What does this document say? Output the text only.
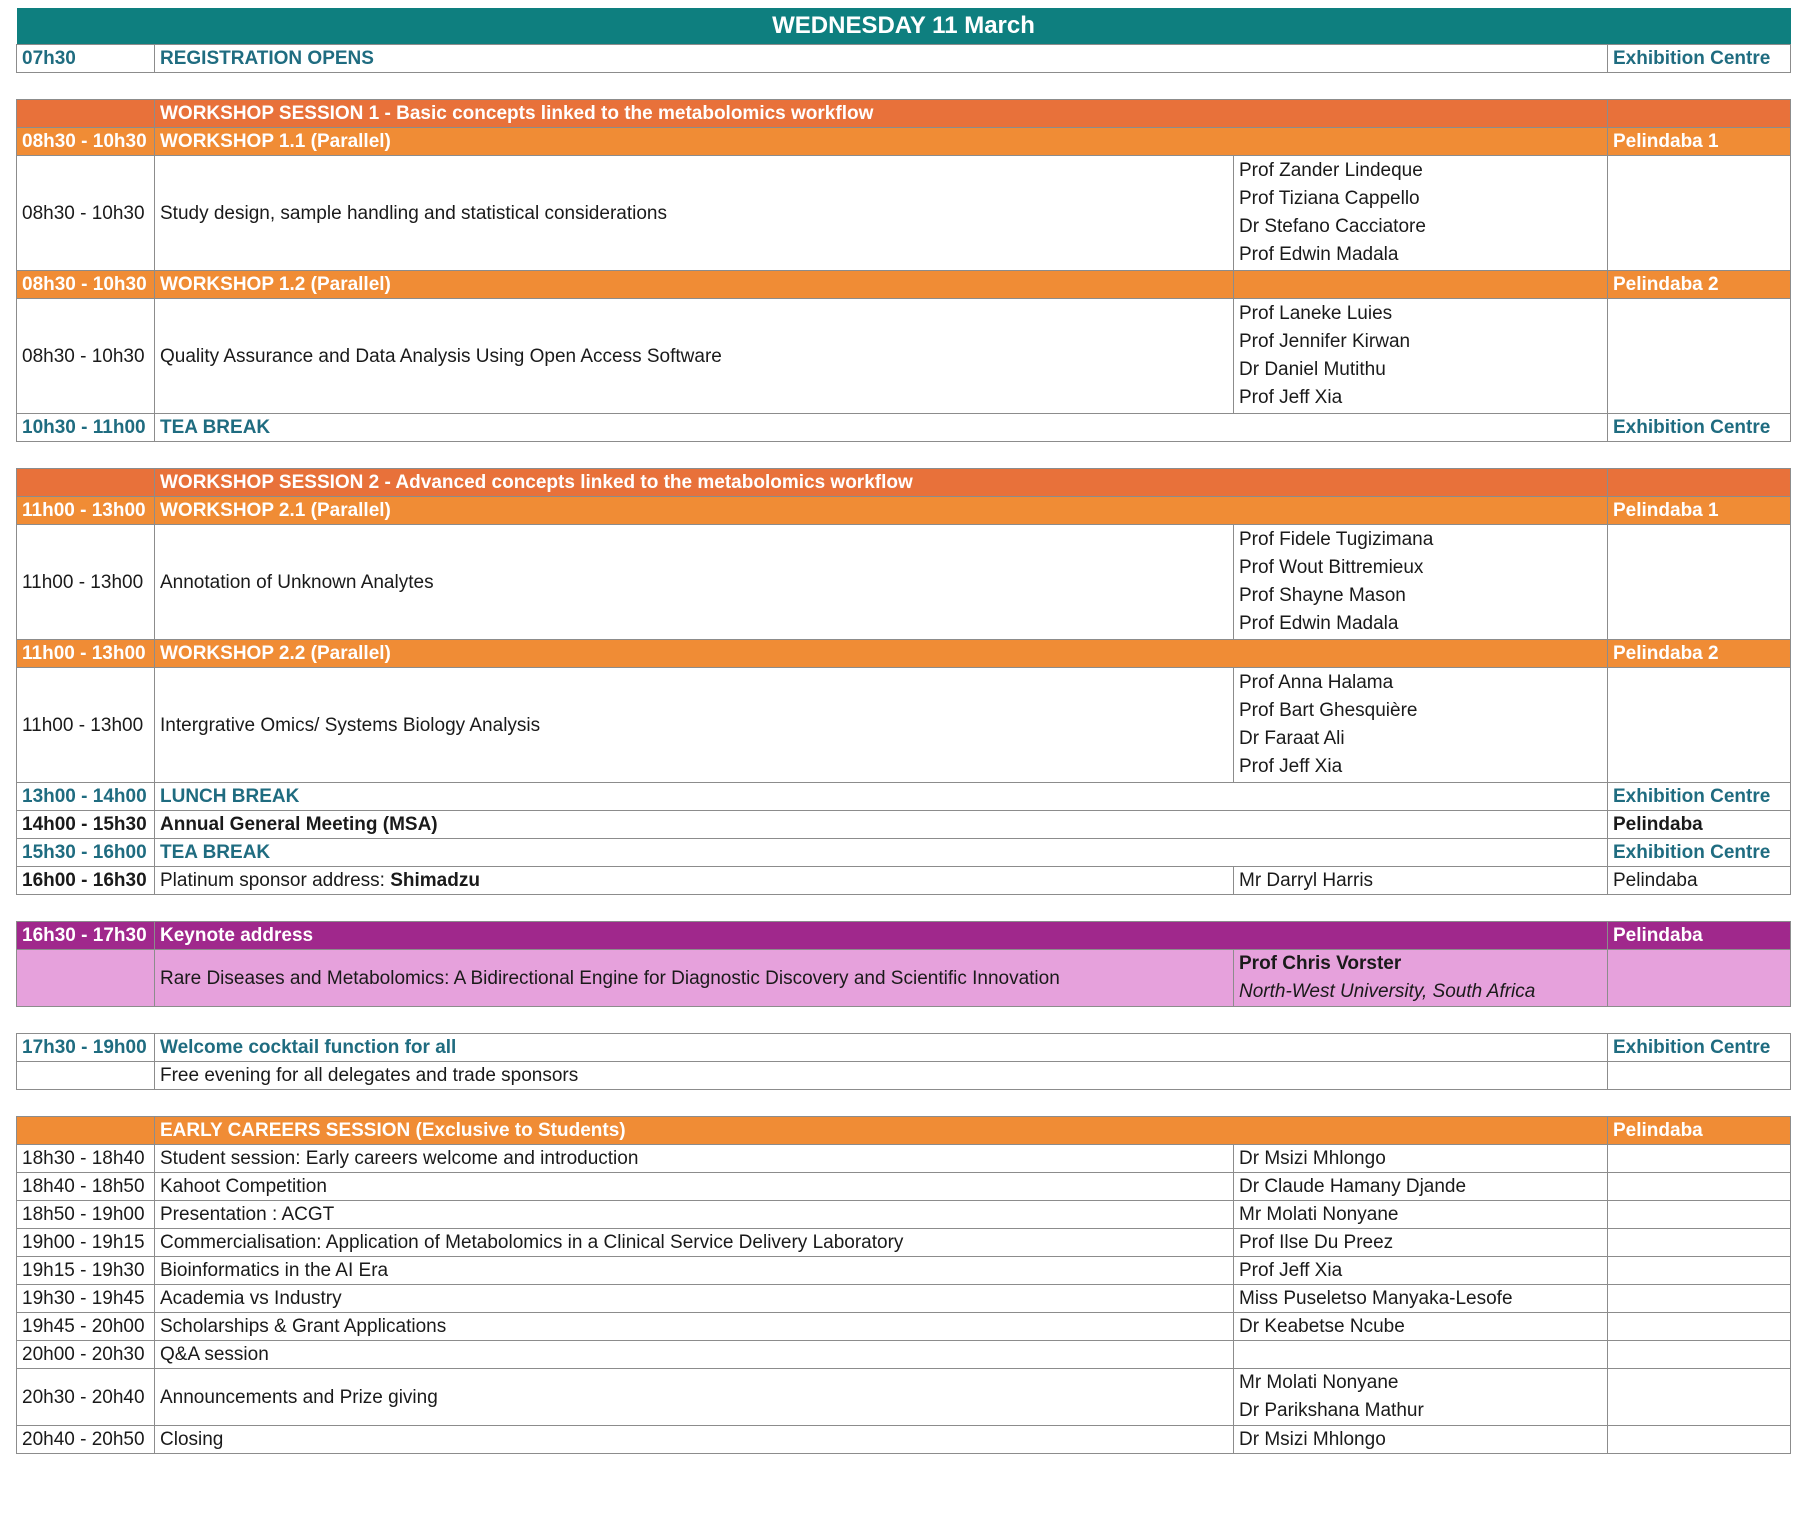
WEDNESDAY 11 March			
07h30	REGISTRATION OPENS		Exhibition Centre

	WORKSHOP SESSION 1 - Basic concepts linked to the metabolomics workflow		
08h30 - 10h30	WORKSHOP 1.1 (Parallel)		Pelindaba 1
08h30 - 10h30	Study design, sample handling and statistical considerations	Prof Zander Lindeque
Prof Tiziana Cappello
Dr Stefano Cacciatore
Prof Edwin Madala	

08h30 - 10h30	WORKSHOP 1.2 (Parallel)		Pelindaba 2
08h30 - 10h30	Quality Assurance and Data Analysis Using Open Access Software	Prof Laneke Luies
Prof Jennifer Kirwan
Dr Daniel Mutithu
Prof Jeff Xia	

10h30 - 11h00	TEA BREAK		Exhibition Centre

	WORKSHOP SESSION 2 - Advanced concepts linked to the metabolomics workflow		
11h00 - 13h00	WORKSHOP 2.1 (Parallel)		Pelindaba 1
11h00 - 13h00	Annotation of Unknown Analytes	Prof Fidele Tugizimana
Prof Wout Bittremieux
Prof Shayne Mason
Prof Edwin Madala	

11h00 - 13h00	WORKSHOP 2.2 (Parallel)		Pelindaba 2
11h00 - 13h00	Intergrative Omics/ Systems Biology Analysis	Prof Anna Halama
Prof Bart Ghesquière
Dr Faraat Ali
Prof Jeff Xia	

13h00 - 14h00	LUNCH BREAK		Exhibition Centre
14h00 - 15h30	Annual General Meeting (MSA)		Pelindaba
15h30 - 16h00	TEA BREAK		Exhibition Centre
16h00 - 16h30	Platinum sponsor address: Shimadzu	Mr Darryl Harris	Pelindaba

16h30 - 17h30	Keynote address		Pelindaba
	Rare Diseases and Metabolomics: A Bidirectional Engine for Diagnostic Discovery and Scientific Innovation	Prof Chris Vorster
North-West University, South Africa	

17h30 - 19h00	Welcome cocktail function for all		Exhibition Centre
	Free evening for all delegates and trade sponsors		

	EARLY CAREERS SESSION (Exclusive to Students)		Pelindaba
18h30 - 18h40	Student session: Early careers welcome and introduction	Dr Msizi Mhlongo	
18h40 - 18h50	Kahoot Competition	Dr Claude Hamany Djande	
18h50 - 19h00	Presentation : ACGT	Mr Molati Nonyane	
19h00 - 19h15	Commercialisation: Application of Metabolomics in a Clinical Service Delivery Laboratory	Prof Ilse Du Preez	
19h15 - 19h30	Bioinformatics in the AI Era	Prof Jeff Xia	
19h30 - 19h45	Academia vs Industry	Miss Puseletso Manyaka-Lesofe	
19h45 - 20h00	Scholarships & Grant Applications	Dr Keabetse Ncube	
20h00 - 20h30	Q&A session		
20h30 - 20h40	Announcements and Prize giving	Mr Molati Nonyane
Dr Parikshana Mathur	

20h40 - 20h50	Closing	Dr Msizi Mhlongo	
